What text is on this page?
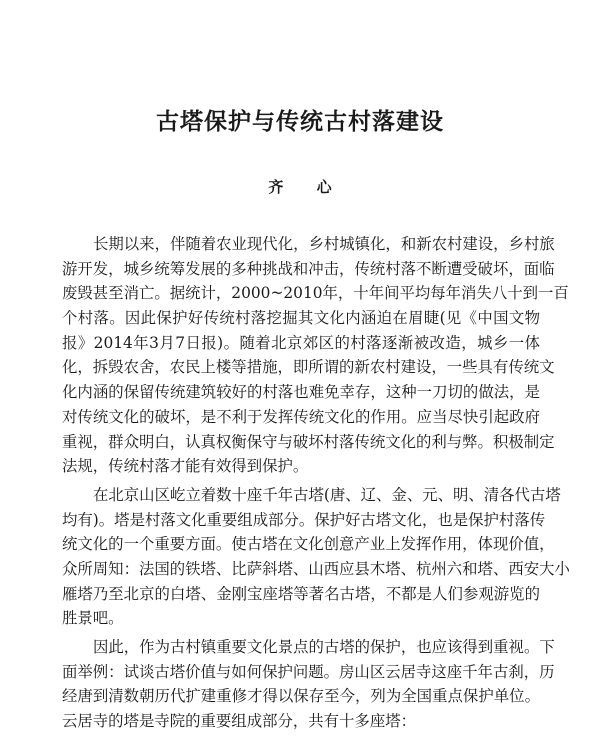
古塔保护与传统古村落建设
齐 心
长期以来，伴随着农业现代化，乡村城镇化，和新农村建设，乡村旅
游开发，城乡统筹发展的多种挑战和冲击，传统村落不断遭受破坏，面临
废毁甚至消亡。据统计，2000~2010年，十年间平均每年消失八十到一百
个村落。因此保护好传统村落挖掘其文化内涵迫在眉睫(见《中国文物
报》2014年3月7日报)。随着北京郊区的村落逐渐被改造，城乡一体
化，拆毁农舍，农民上楼等措施，即所谓的新农村建设，一些具有传统文
化内涵的保留传统建筑较好的村落也难免幸存，这种一刀切的做法，是
对传统文化的破坏，是不利于发挥传统文化的作用。应当尽快引起政府
重视，群众明白，认真权衡保守与破坏村落传统文化的利与弊。积极制定
法规，传统村落才能有效得到保护。
在北京山区屹立着数十座千年古塔(唐、辽、金、元、明、清各代古塔
均有)。塔是村落文化重要组成部分。保护好古塔文化，也是保护村落传
统文化的一个重要方面。使古塔在文化创意产业上发挥作用，体现价值，
众所周知：法国的铁塔、比萨斜塔、山西应县木塔、杭州六和塔、西安大小
雁塔乃至北京的白塔、金刚宝座塔等著名古塔，不都是人们参观游览的
胜景吧。
因此，作为古村镇重要文化景点的古塔的保护，也应该得到重视。下
面举例：试谈古塔价值与如何保护问题。房山区云居寺这座千年古刹，历
经唐到清数朝历代扩建重修才得以保存至今，列为全国重点保护单位。
云居寺的塔是寺院的重要组成部分，共有十多座塔：
